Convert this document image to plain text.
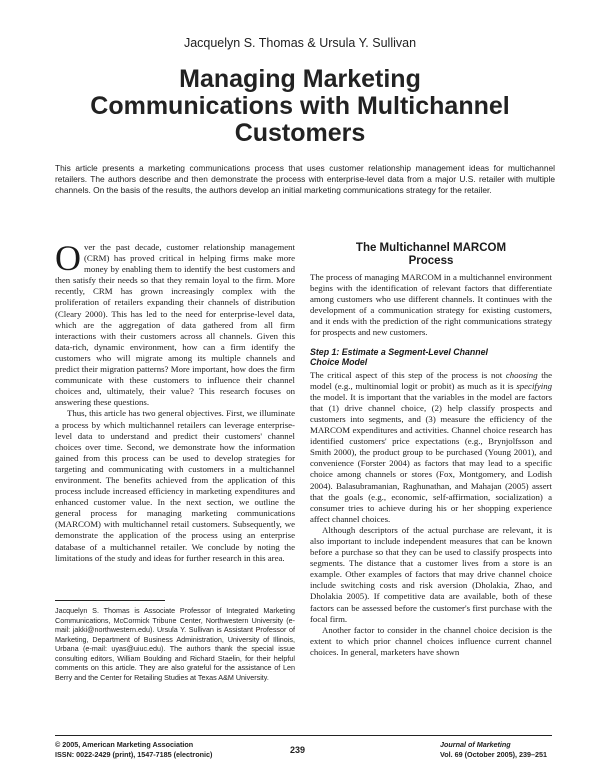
Jacquelyn S. Thomas & Ursula Y. Sullivan
Managing Marketing
Communications with Multichannel
Customers
This article presents a marketing communications process that uses customer relationship management ideas for multichannel retailers. The authors describe and then demonstrate the process with enterprise-level data from a major U.S. retailer with multiple channels. On the basis of the results, the authors develop an initial marketing communications strategy for the retailer.

Over the past decade, customer relationship management (CRM) has proved critical in helping firms make more money by enabling them to identify the best customers and then satisfy their needs so that they remain loyal to the firm. More recently, CRM has grown increasingly complex with the proliferation of retailers expanding their channels of distribution (Cleary 2000). This has led to the need for enterprise-level data, which are the aggregation of data gathered from all firm interactions with their customers across all channels. Given this data-rich, dynamic environment, how can a firm identify the customers who will migrate among its multiple channels and predict their migration patterns? More important, how does the firm communicate with these customers to influence their channel choices and, ultimately, their value? This research focuses on answering these questions.

Thus, this article has two general objectives. First, we illuminate a process by which multichannel retailers can leverage enterprise-level data to understand and predict their customers' channel choices over time. Second, we demonstrate how the information gained from this process can be used to develop strategies for targeting and communicating with customers in a multichannel environment. The benefits achieved from the application of this process include increased efficiency in marketing expenditures and enhanced customer value. In the next section, we outline the general process for managing marketing communications (MARCOM) with multichannel retail customers. Subsequently, we demonstrate the application of the process using an enterprise database of a multichannel retailer. We conclude by noting the limitations of the study and ideas for further research in this area.

Jacquelyn S. Thomas is Associate Professor of Integrated Marketing Communications, McCormick Tribune Center, Northwestern University (e-mail: jakki@northwestern.edu). Ursula Y. Sullivan is Assistant Professor of Marketing, Department of Business Administration, University of Illinois, Urbana (e-mail: uyas@uiuc.edu). The authors thank the special issue consulting editors, William Boulding and Richard Staelin, for their helpful comments on this article. They are also grateful for the assistance of Len Berry and the Center for Retailing Studies at Texas A&M University.
The Multichannel MARCOM
Process

The process of managing MARCOM in a multichannel environment begins with the identification of relevant factors that differentiate among customers who use different channels. It continues with the development of a communication strategy for existing customers, and it ends with the prediction of the right communications strategy for prospects and new customers.

Step 1: Estimate a Segment-Level Channel
Choice Model

The critical aspect of this step of the process is not choosing the model (e.g., multinomial logit or probit) as much as it is specifying the model. It is important that the variables in the model are factors that (1) drive channel choice, (2) help classify prospects and customers into segments, and (3) measure the efficiency of the MARCOM expenditures and activities. Channel choice research has identified customers' price expectations (e.g., Brynjolfsson and Smith 2000), the product group to be purchased (Young 2001), and convenience (Forster 2004) as factors that may lead to a specific choice among channels or stores (Fox, Montgomery, and Lodish 2004). Balasubramanian, Raghunathan, and Mahajan (2005) assert that the goals (e.g., economic, self-affirmation, socialization) a consumer tries to achieve during his or her shopping experience affect channel choices.

Although descriptors of the actual purchase are relevant, it is also important to include independent measures that can be known before a purchase so that they can be used to classify prospects into segments. The distance that a customer lives from a store is an example. Other examples of factors that may drive channel choice include switching costs and risk aversion (Dholakia, Zhao, and Dholakia 2005). If competitive data are available, both of these factors can be assessed before the customer's first purchase with the focal firm.

Another factor to consider in the channel choice decision is the extent to which prior channel choices influence current channel choices. In general, marketers have shown

© 2005, American Marketing Association
ISSN: 0022-2429 (print), 1547-7185 (electronic)	239
Journal of Marketing
Vol. 69 (October 2005), 239–251
